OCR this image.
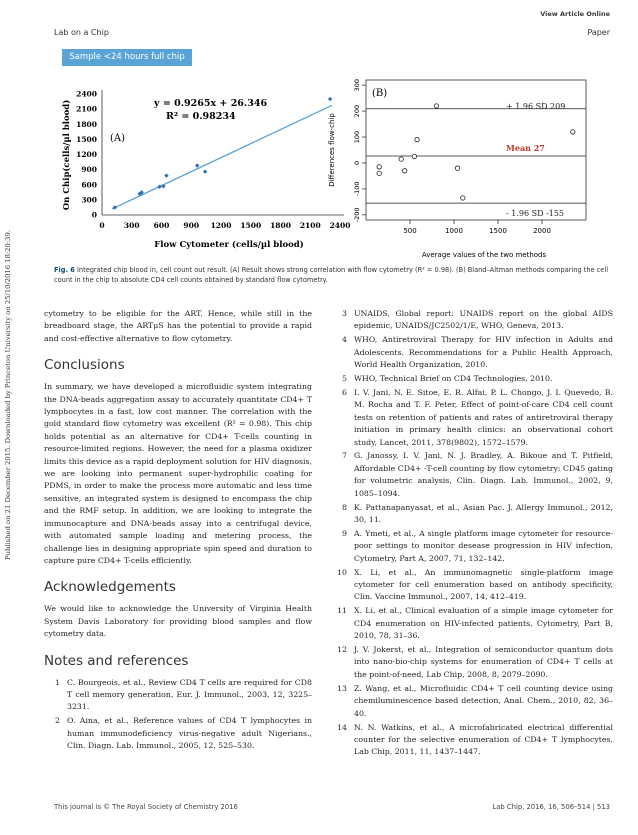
View Article Online
Lab on a Chip	Paper
Published on 21 December 2015. Downloaded by Princeton University on 25/10/2016 18:20:39.
Sample <24 hours full chip
0	300 600 900 1200 1500 1800 2100 2400
0
300
600
900
1200
1500
1800
2100
2400
y = 0.9265x + 26.346
R² = 0.98234
(A)
Flow Cytometer (cells/µl blood)
On Chip(cells/µl blood)
500	1000	1500	2000
-200
-100
0
100
200
300
+ 1.96 SD 209
Mean 27
- 1.96 SD -155
(B)
Average values of the two methods
Differences flow-chip
Fig. 6 Integrated chip blood in, cell count out result. (A) Result shows strong correlation with flow cytometry (R² = 0.98). (B) Bland–Altman methods comparing the cell count in the chip to absolute CD4 cell counts obtained by standard flow cytometry.

cytometry to be eligible for the ART. Hence, while still in the breadboard stage, the ARTμS has the potential to provide a rapid and cost-effective alternative to flow cytometry.

Conclusions

In summary, we have developed a microfluidic system integrating the DNA-beads aggregation assay to accurately quantitate CD4+ T lymphocytes in a fast, low cost manner. The correlation with the gold standard flow cytometry was excellent (R² = 0.98). This chip holds potential as an alternative for CD4+ T-cells counting in resource-limited regions. However, the need for a plasma oxidizer limits this device as a rapid deployment solution for HIV diagnosis, we are looking into permanent super-hydrophilic coating for PDMS, in order to make the process more automatic and less time sensitive, an integrated system is designed to encompass the chip and the RMF setup. In addition, we are looking to integrate the immunocapture and DNA-beads assay into a centrifugal device, with automated sample loading and metering process, the challenge lies in designing appropriate spin speed and duration to capture pure CD4+ T-cells efficiently.

Acknowledgements

We would like to acknowledge the University of Virginia Health System Davis Laboratory for providing blood samples and flow cytometry data.

Notes and references
1 C. Bourgeois, et al., Review CD4 T cells are required for CD8 T cell memory generation, Eur. J. Immunol., 2003, 12, 3225–3231.
2 O. Aina, et al., Reference values of CD4 T lymphocytes in human immunodeficiency virus-negative adult Nigerians., Clin. Diagn. Lab. Immunol., 2005, 12, 525–530.
3 UNAIDS, Global report: UNAIDS report on the global AIDS epidemic, UNAIDS/JC2502/1/E, WHO, Geneva, 2013.
4 WHO, Antiretroviral Therapy for HIV infection in Adults and Adolescents. Recommendations for a Public Health Approach, World Health Organization, 2010.
5 WHO, Technical Brief on CD4 Technologies, 2010.
6 I. V. Jani, N. E. Sitoe, E. R. Alfai, P. L. Chongo, J. I. Quevedo, B. M. Rocha and T. F. Peter, Effect of point-of-care CD4 cell count tests on retention of patients and rates of antiretroviral therapy initiation in primary health clinics: an observational cohort study, Lancet, 2011, 378(9802), 1572–1579.
7 G. Janossy, I. V. Jani, N. J. Bradley, A. Bikoue and T. Pitfield, Affordable CD4+ -T-cell counting by flow cytometry: CD45 gating for volumetric analysis, Clin. Diagn. Lab. Immunol., 2002, 9, 1085–1094.
8 K. Pattanapanyasat, et al., Asian Pac. J. Allergy Immunol., 2012, 30, 11.
9 A. Ymeti, et al., A single platform image cytometer for resource-poor settings to monitor desease progression in HIV infection, Cytometry, Part A, 2007, 71, 132–142.
10 X. Li, et al., An immunomagnetic single-platform image cytometer for cell enumeration based on antibody specificity, Clin. Vaccine Immunol., 2007, 14, 412–419.
11 X. Li, et al., Clinical evaluation of a simple image cytometer for CD4 enumeration on HIV-infected patients, Cytometry, Part B, 2010, 78, 31–36.
12 J. V. Jokerst, et al., Integration of semiconductor quantum dots into nano-bio-chip systems for enumeration of CD4+ T cells at the point-of-need, Lab Chip, 2008, 8, 2079–2090.
13 Z. Wang, et al., Microfluidic CD4+ T cell counting device using chemiluminescence based detection, Anal. Chem., 2010, 82, 36–40.
14 N. N. Watkins, et al., A microfabricated electrical differential counter for the selective enumeration of CD4+ T lymphocytes, Lab Chip, 2011, 11, 1437–1447.
This journal is © The Royal Society of Chemistry 2016	Lab Chip, 2016, 16, 506–514 | 513
